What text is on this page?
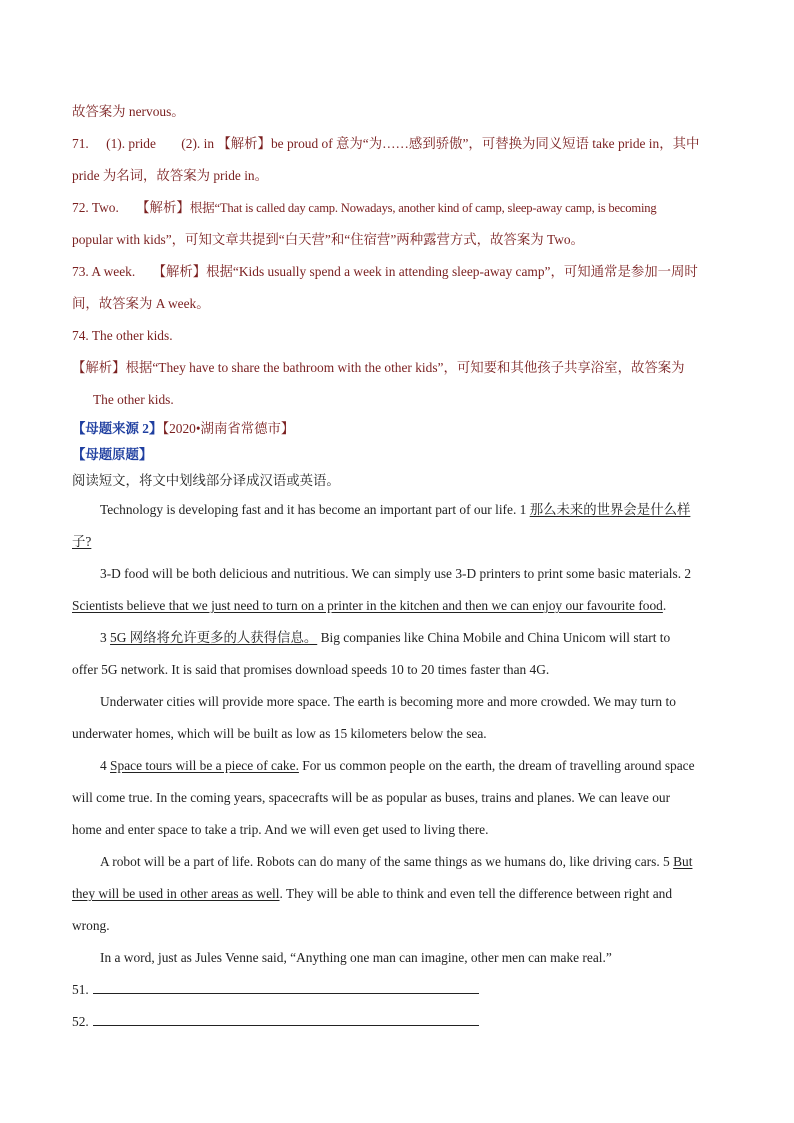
故答案为 nervous。
71. (1). pride (2). in 【解析】be proud of 意为“为……感到骄傲”，可替换为同义短语 take pride in，其中
pride 为名词，故答案为 pride in。
72. Two. 【解析】根据“That is called day camp. Nowadays, another kind of camp, sleep-away camp, is becoming
popular with kids”，可知文章共提到“白天营”和“住宿营”两种露营方式，故答案为 Two。
73. A week. 【解析】根据“Kids usually spend a week in attending sleep-away camp”，可知通常是参加一周时
间，故答案为 A week。
74. The other kids.
【解析】根据“They have to share the bathroom with the other kids”，可知要和其他孩子共享浴室，故答案为
The other kids.
【母题来源 2】【2020•湖南省常德市】
【母题原题】
阅读短文，将文中划线部分译成汉语或英语。
Technology is developing fast and it has become an important part of our life. 1 那么未来的世界会是什么样
子?
3-D food will be both delicious and nutritious. We can simply use 3-D printers to print some basic materials. 2
Scientists believe that we just need to turn on a printer in the kitchen and then we can enjoy our favourite food.
3 5G 网络将允许更多的人获得信息。 Big companies like China Mobile and China Unicom will start to
offer 5G network. It is said that promises download speeds 10 to 20 times faster than 4G.
Underwater cities will provide more space. The earth is becoming more and more crowded. We may turn to
underwater homes, which will be built as low as 15 kilometers below the sea.
4 Space tours will be a piece of cake. For us common people on the earth, the dream of travelling around space
will come true. In the coming years, spacecrafts will be as popular as buses, trains and planes. We can leave our
home and enter space to take a trip. And we will even get used to living there.
A robot will be a part of life. Robots can do many of the same things as we humans do, like driving cars. 5 But
they will be used in other areas as well. They will be able to think and even tell the difference between right and
wrong.
In a word, just as Jules Venne said, “Anything one man can imagine, other men can make real.”
51.
52.
